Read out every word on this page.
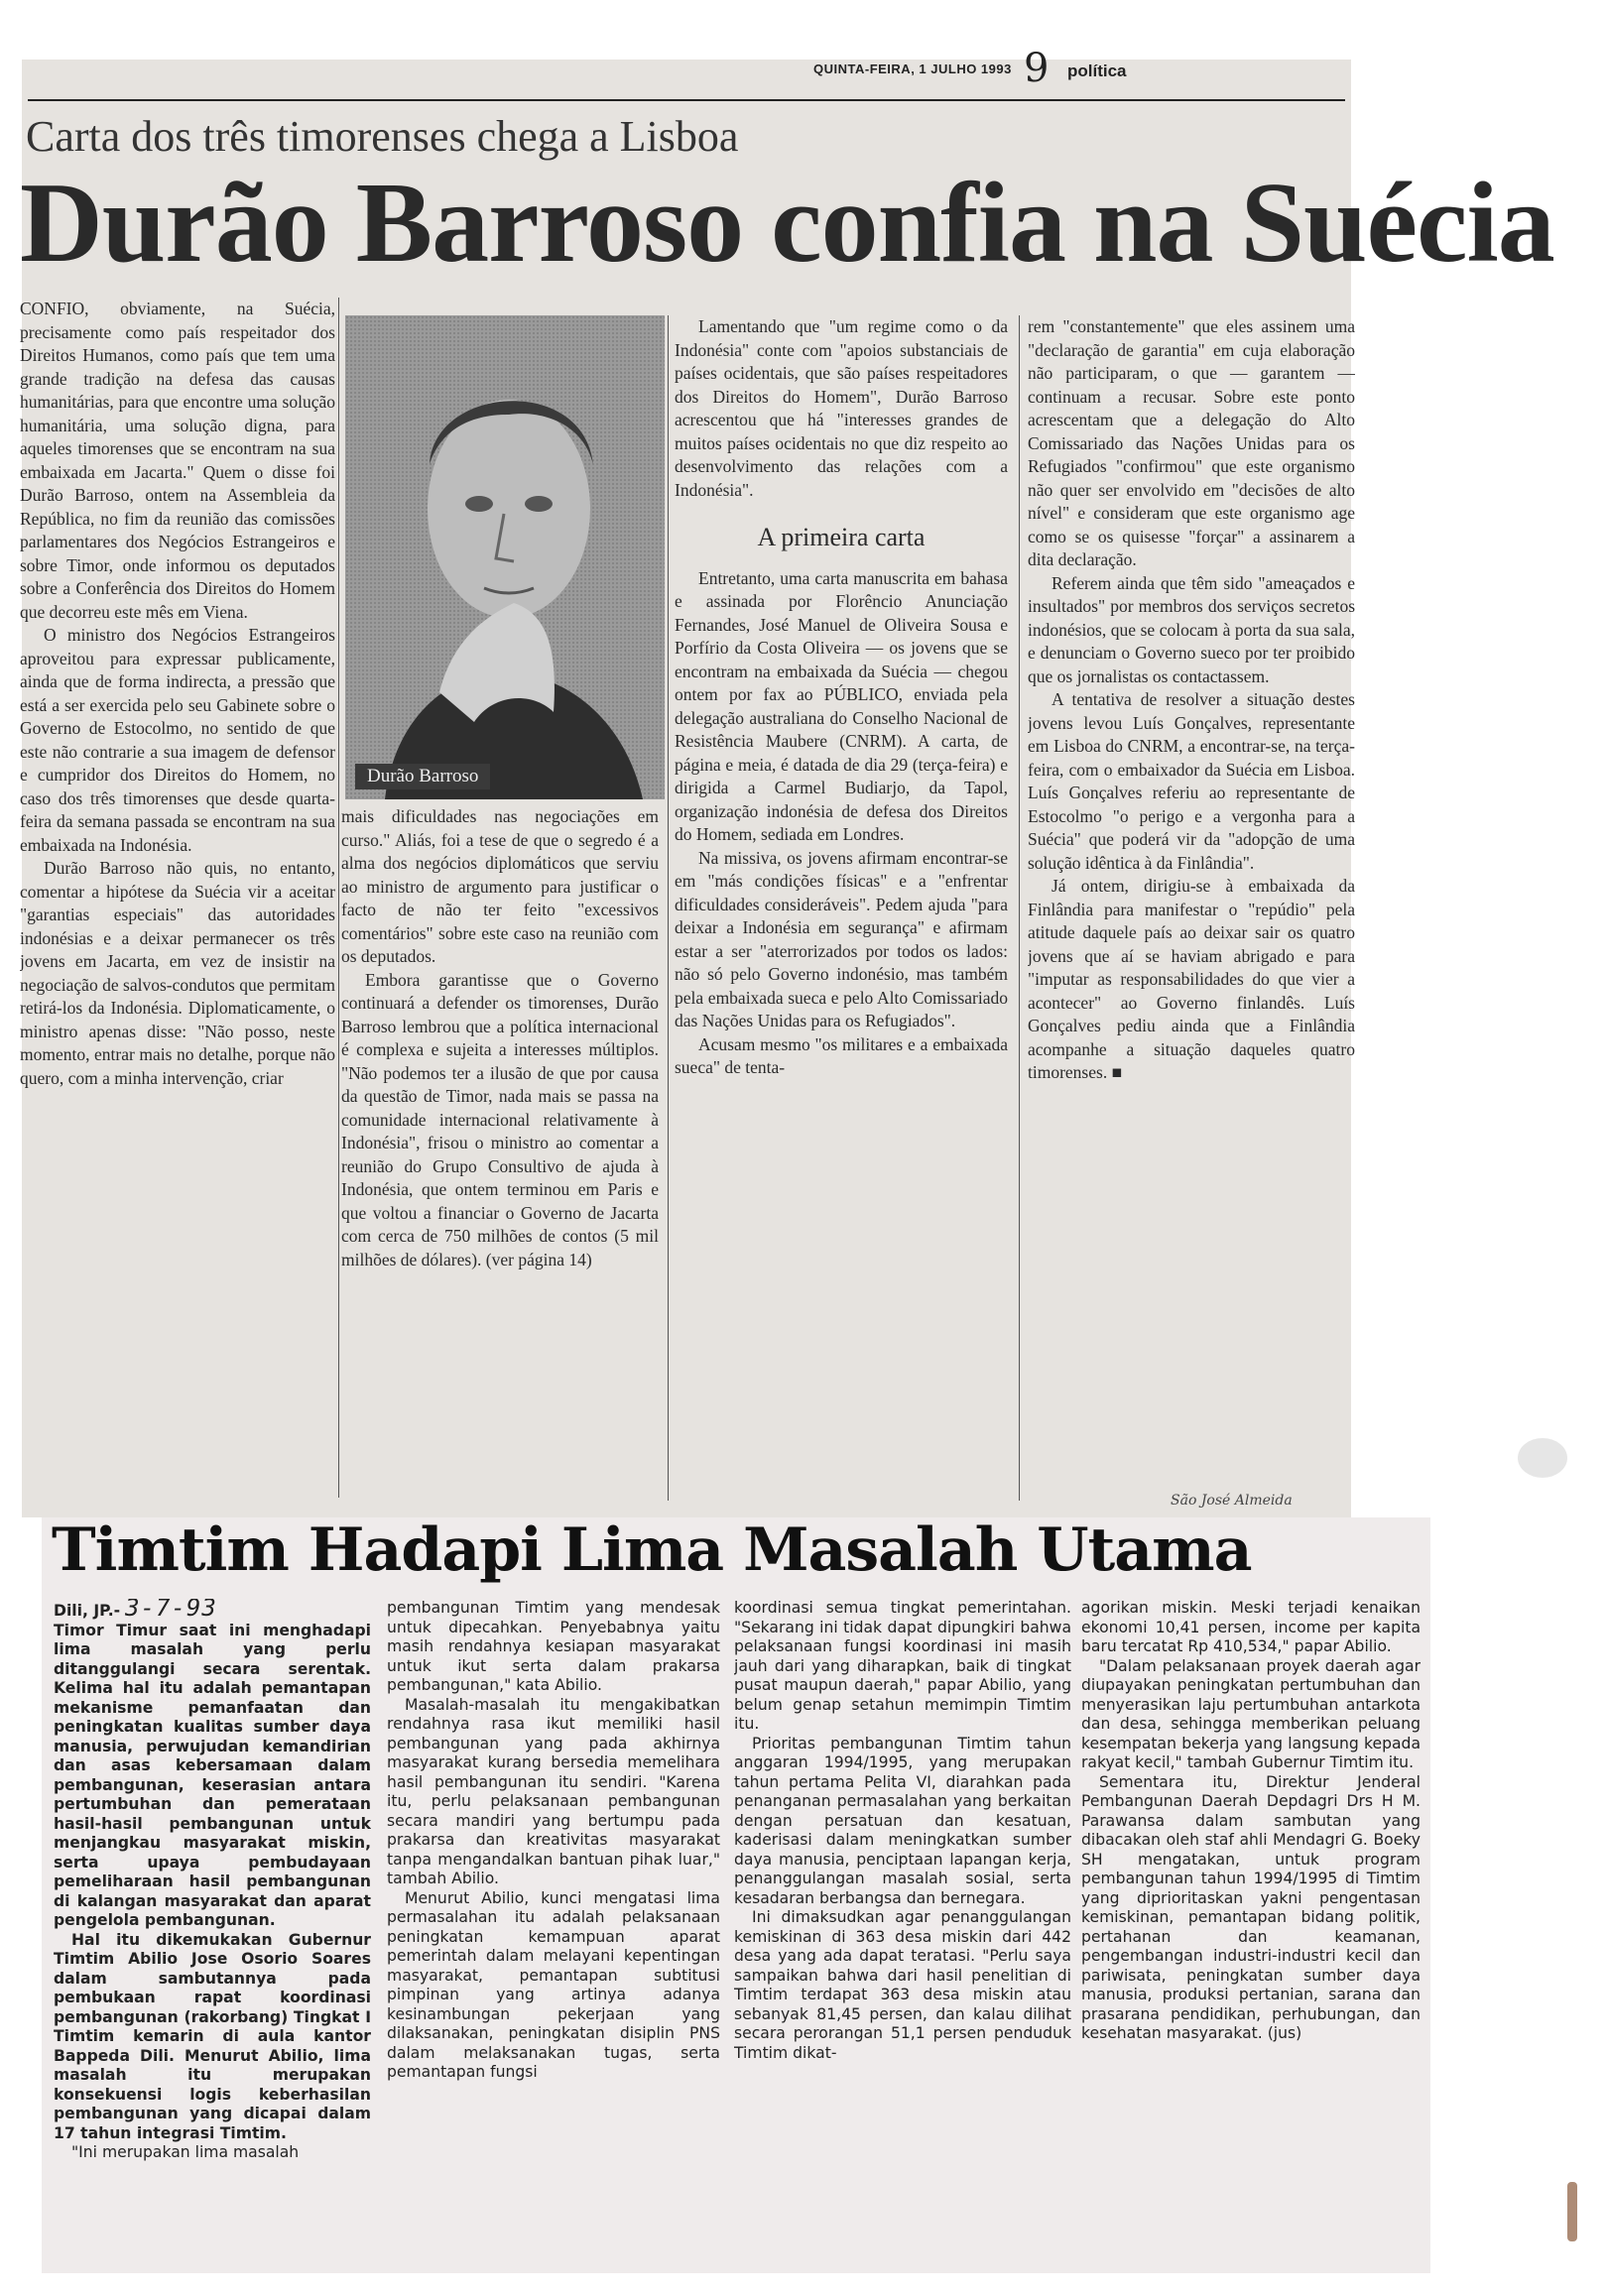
QUINTA-FEIRA, 1 JULHO 1993 9 política
Carta dos três timorenses chega a Lisboa
Durão Barroso confia na Suécia

CONFIO, obviamente, na Suécia, precisamente como país respeitador dos Direitos Humanos, como país que tem uma grande tradição na defesa das causas humanitárias, para que encontre uma solução humanitária, uma solução digna, para aqueles timorenses que se encontram na sua embaixada em Jacarta." Quem o disse foi Durão Barroso, ontem na Assembleia da República, no fim da reunião das comissões parlamentares dos Negócios Estrangeiros e sobre Timor, onde informou os deputados sobre a Conferência dos Direitos do Homem que decorreu este mês em Viena.

O ministro dos Negócios Estrangeiros aproveitou para expressar publicamente, ainda que de forma indirecta, a pressão que está a ser exercida pelo seu Gabinete sobre o Governo de Estocolmo, no sentido de que este não contrarie a sua imagem de defensor e cumpridor dos Direitos do Homem, no caso dos três timorenses que desde quarta-feira da semana passada se encontram na sua embaixada na Indonésia.

Durão Barroso não quis, no entanto, comentar a hipótese da Suécia vir a aceitar "garantias especiais" das autoridades indonésias e a deixar permanecer os três jovens em Jacarta, em vez de insistir na negociação de salvos-condutos que permitam retirá-los da Indonésia. Diplomaticamente, o ministro apenas disse: "Não posso, neste momento, entrar mais no detalhe, porque não quero, com a minha intervenção, criar

Durão Barroso

mais dificuldades nas negociações em curso." Aliás, foi a tese de que o segredo é a alma dos negócios diplomáticos que serviu ao ministro de argumento para justificar o facto de não ter feito "excessivos comentários" sobre este caso na reunião com os deputados.

Embora garantisse que o Governo continuará a defender os timorenses, Durão Barroso lembrou que a política internacional é complexa e sujeita a interesses múltiplos. "Não podemos ter a ilusão de que por causa da questão de Timor, nada mais se passa na comunidade internacional relativamente à Indonésia", frisou o ministro ao comentar a reunião do Grupo Consultivo de ajuda à Indonésia, que ontem terminou em Paris e que voltou a financiar o Governo de Jacarta com cerca de 750 milhões de contos (5 mil milhões de dólares). (ver página 14)

Lamentando que "um regime como o da Indonésia" conte com "apoios substanciais de países ocidentais, que são países respeitadores dos Direitos do Homem", Durão Barroso acrescentou que há "interesses grandes de muitos países ocidentais no que diz respeito ao desenvolvimento das relações com a Indonésia".

A primeira carta

Entretanto, uma carta manuscrita em bahasa e assinada por Florêncio Anunciação Fernandes, José Manuel de Oliveira Sousa e Porfírio da Costa Oliveira — os jovens que se encontram na embaixada da Suécia — chegou ontem por fax ao PÚBLICO, enviada pela delegação australiana do Conselho Nacional de Resistência Maubere (CNRM). A carta, de página e meia, é datada de dia 29 (terça-feira) e dirigida a Carmel Budiarjo, da Tapol, organização indonésia de defesa dos Direitos do Homem, sediada em Londres.

Na missiva, os jovens afirmam encontrar-se em "más condições físicas" e a "enfrentar dificuldades consideráveis". Pedem ajuda "para deixar a Indonésia em segurança" e afirmam estar a ser "aterrorizados por todos os lados: não só pelo Governo indonésio, mas também pela embaixada sueca e pelo Alto Comissariado das Nações Unidas para os Refugiados".

Acusam mesmo "os militares e a embaixada sueca" de tenta-

rem "constantemente" que eles assinem uma "declaração de garantia" em cuja elaboração não participaram, o que — garantem — continuam a recusar. Sobre este ponto acrescentam que a delegação do Alto Comissariado das Nações Unidas para os Refugiados "confirmou" que este organismo não quer ser envolvido em "decisões de alto nível" e consideram que este organismo age como se os quisesse "forçar" a assinarem a dita declaração.

Referem ainda que têm sido "ameaçados e insultados" por membros dos serviços secretos indonésios, que se colocam à porta da sua sala, e denunciam o Governo sueco por ter proibido que os jornalistas os contactassem.

A tentativa de resolver a situação destes jovens levou Luís Gonçalves, representante em Lisboa do CNRM, a encontrar-se, na terça-feira, com o embaixador da Suécia em Lisboa. Luís Gonçalves referiu ao representante de Estocolmo "o perigo e a vergonha para a Suécia" que poderá vir da "adopção de uma solução idêntica à da Finlândia".

Já ontem, dirigiu-se à embaixada da Finlândia para manifestar o "repúdio" pela atitude daquele país ao deixar sair os quatro jovens que aí se haviam abrigado e para "imputar as responsabilidades do que vier a acontecer" ao Governo finlandês. Luís Gonçalves pediu ainda que a Finlândia acompanhe a situação daqueles quatro timorenses. ■

São José Almeida
Timtim Hadapi Lima Masalah Utama

Dili, JP.- 3-7-93

Timor Timur saat ini menghadapi lima masalah yang perlu ditanggulangi secara serentak. Kelima hal itu adalah pemantapan mekanisme pemanfaatan dan peningkatan kualitas sumber daya manusia, perwujudan kemandirian dan asas kebersamaan dalam pembangunan, keserasian antara pertumbuhan dan pemerataan hasil-hasil pembangunan untuk menjangkau masyarakat miskin, serta upaya pembudayaan pemeliharaan hasil pembangunan di kalangan masyarakat dan aparat pengelola pembangunan.

Hal itu dikemukakan Gubernur Timtim Abilio Jose Osorio Soares dalam sambutannya pada pembukaan rapat koordinasi pembangunan (rakorbang) Tingkat I Timtim kemarin di aula kantor Bappeda Dili. Menurut Abilio, lima masalah itu merupakan konsekuensi logis keberhasilan pembangunan yang dicapai dalam 17 tahun integrasi Timtim.

"Ini merupakan lima masalah

pembangunan Timtim yang mendesak untuk dipecahkan. Penyebabnya yaitu masih rendahnya kesiapan masyarakat untuk ikut serta dalam prakarsa pembangunan," kata Abilio.

Masalah-masalah itu mengakibatkan rendahnya rasa ikut memiliki hasil pembangunan yang pada akhirnya masyarakat kurang bersedia memelihara hasil pembangunan itu sendiri. "Karena itu, perlu pelaksanaan pembangunan secara mandiri yang bertumpu pada prakarsa dan kreativitas masyarakat tanpa mengandalkan bantuan pihak luar," tambah Abilio.

Menurut Abilio, kunci mengatasi lima permasalahan itu adalah pelaksanaan peningkatan kemampuan aparat pemerintah dalam melayani kepentingan masyarakat, pemantapan subtitusi pimpinan yang artinya adanya kesinambungan pekerjaan yang dilaksanakan, peningkatan disiplin PNS dalam melaksanakan tugas, serta pemantapan fungsi

koordinasi semua tingkat pemerintahan. "Sekarang ini tidak dapat dipungkiri bahwa pelaksanaan fungsi koordinasi ini masih jauh dari yang diharapkan, baik di tingkat pusat maupun daerah," papar Abilio, yang belum genap setahun memimpin Timtim itu.

Prioritas pembangunan Timtim tahun anggaran 1994/1995, yang merupakan tahun pertama Pelita VI, diarahkan pada penanganan permasalahan yang berkaitan dengan persatuan dan kesatuan, kaderisasi dalam meningkatkan sumber daya manusia, penciptaan lapangan kerja, penanggulangan masalah sosial, serta kesadaran berbangsa dan bernegara.

Ini dimaksudkan agar penanggulangan kemiskinan di 363 desa miskin dari 442 desa yang ada dapat teratasi. "Perlu saya sampaikan bahwa dari hasil penelitian di Timtim terdapat 363 desa miskin atau sebanyak 81,45 persen, dan kalau dilihat secara perorangan 51,1 persen penduduk Timtim dikat-

agorikan miskin. Meski terjadi kenaikan ekonomi 10,41 persen, income per kapita baru tercatat Rp 410,534," papar Abilio.

"Dalam pelaksanaan proyek daerah agar diupayakan peningkatan pertumbuhan dan menyerasikan laju pertumbuhan antarkota dan desa, sehingga memberikan peluang kesempatan bekerja yang langsung kepada rakyat kecil," tambah Gubernur Timtim itu.

Sementara itu, Direktur Jenderal Pembangunan Daerah Depdagri Drs H M. Parawansa dalam sambutan yang dibacakan oleh staf ahli Mendagri G. Boeky SH mengatakan, untuk program pembangunan tahun 1994/1995 di Timtim yang diprioritaskan yakni pengentasan kemiskinan, pemantapan bidang politik, pertahanan dan keamanan, pengembangan industri-industri kecil dan pariwisata, peningkatan sumber daya manusia, produksi pertanian, sarana dan prasarana pendidikan, perhubungan, dan kesehatan masyarakat. (jus)
